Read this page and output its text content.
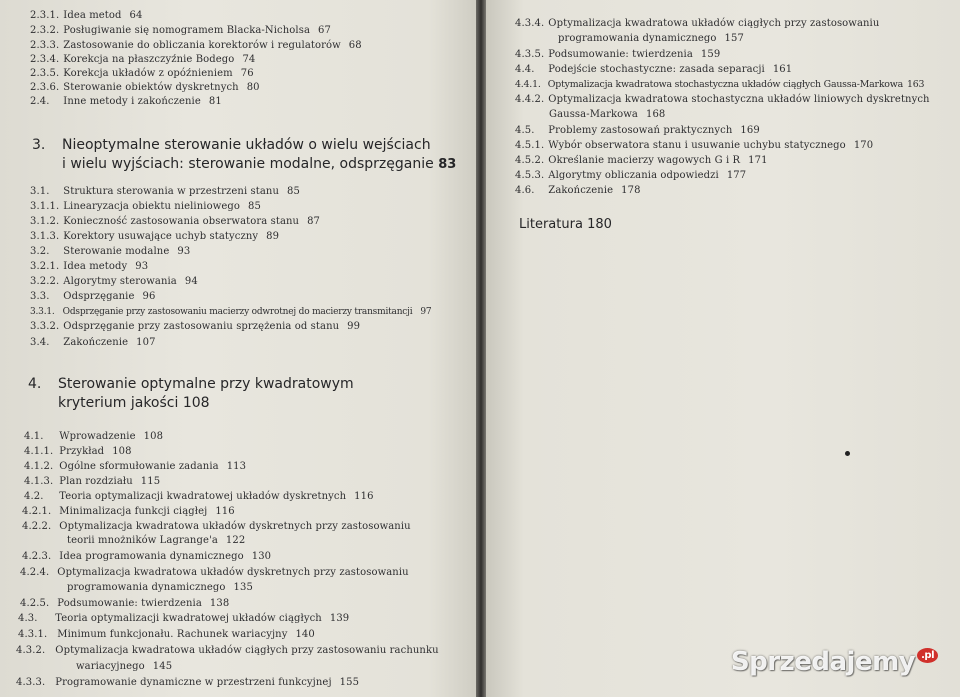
2.3.1. Idea metod 64
2.3.2. Posługiwanie się nomogramem Blacka-Nicholsa 67
2.3.3. Zastosowanie do obliczania korektorów i regulatorów 68
2.3.4. Korekcja na płaszczyźnie Bodego 74
2.3.5. Korekcja układów z opóźnieniem 76
2.3.6. Sterowanie obiektów dyskretnych 80
2.4. Inne metody i zakończenie 81
3. Nieoptymalne sterowanie układów o wielu wejściach
i wielu wyjściach: sterowanie modalne, odsprzęganie 83
3.1. Struktura sterowania w przestrzeni stanu 85
3.1.1. Linearyzacja obiektu nieliniowego 85
3.1.2. Konieczność zastosowania obserwatora stanu 87
3.1.3. Korektory usuwające uchyb statyczny 89
3.2. Sterowanie modalne 93
3.2.1. Idea metody 93
3.2.2. Algorytmy sterowania 94
3.3. Odsprzęganie 96
3.3.1. Odsprzęganie przy zastosowaniu macierzy odwrotnej do macierzy transmitancji 97
3.3.2. Odsprzęganie przy zastosowaniu sprzężenia od stanu 99
3.4. Zakończenie 107
4. Sterowanie optymalne przy kwadratowym
kryterium jakości 108
4.1. Wprowadzenie 108
4.1.1. Przykład 108
4.1.2. Ogólne sformułowanie zadania 113
4.1.3. Plan rozdziału 115
4.2. Teoria optymalizacji kwadratowej układów dyskretnych 116
4.2.1. Minimalizacja funkcji ciągłej 116
4.2.2. Optymalizacja kwadratowa układów dyskretnych przy zastosowaniu
teorii mnożników Lagrange'a 122
4.2.3. Idea programowania dynamicznego 130
4.2.4. Optymalizacja kwadratowa układów dyskretnych przy zastosowaniu
programowania dynamicznego 135
4.2.5. Podsumowanie: twierdzenia 138
4.3. Teoria optymalizacji kwadratowej układów ciągłych 139
4.3.1. Minimum funkcjonału. Rachunek wariacyjny 140
4.3.2. Optymalizacja kwadratowa układów ciągłych przy zastosowaniu rachunku
wariacyjnego 145
4.3.3. Programowanie dynamiczne w przestrzeni funkcyjnej 155
4.3.4. Optymalizacja kwadratowa układów ciągłych przy zastosowaniu
programowania dynamicznego 157
4.3.5. Podsumowanie: twierdzenia 159
4.4. Podejście stochastyczne: zasada separacji 161
4.4.1. Optymalizacja kwadratowa stochastyczna układów ciągłych Gaussa-Markowa 163
4.4.2. Optymalizacja kwadratowa stochastyczna układów liniowych dyskretnych
Gaussa-Markowa 168
4.5. Problemy zastosowań praktycznych 169
4.5.1. Wybór obserwatora stanu i usuwanie uchybu statycznego 170
4.5.2. Określanie macierzy wagowych G i R 171
4.5.3. Algorytmy obliczania odpowiedzi 177
4.6. Zakończenie 178
Literatura 180
Sprzedajemy .pl
